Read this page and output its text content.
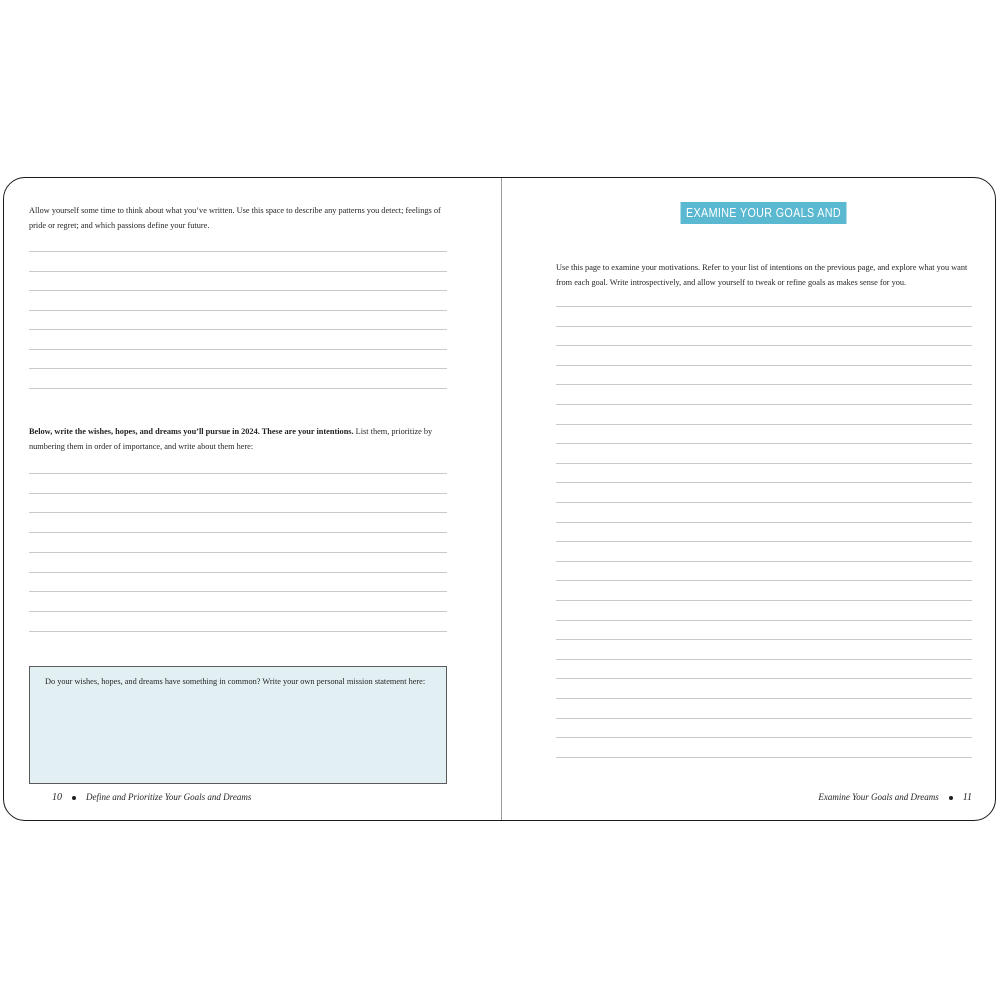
Allow yourself some time to think about what you’ve written. Use this space to describe any patterns you detect; feelings of pride or regret; and which passions define your future.

Below, write the wishes, hopes, and dreams you’ll pursue in 2024. These are your intentions. List them, prioritize by numbering them in order of importance, and write about them here:

Do your wishes, hopes, and dreams have something in common? Write your own personal mission statement here:

10	Define and Prioritize Your Goals and Dreams
EXAMINE YOUR GOALS AND DREAMS

Use this page to examine your motivations. Refer to your list of intentions on the previous page, and explore what you want from each goal. Write introspectively, and allow yourself to tweak or refine goals as makes sense for you.

Examine Your Goals and Dreams 11
